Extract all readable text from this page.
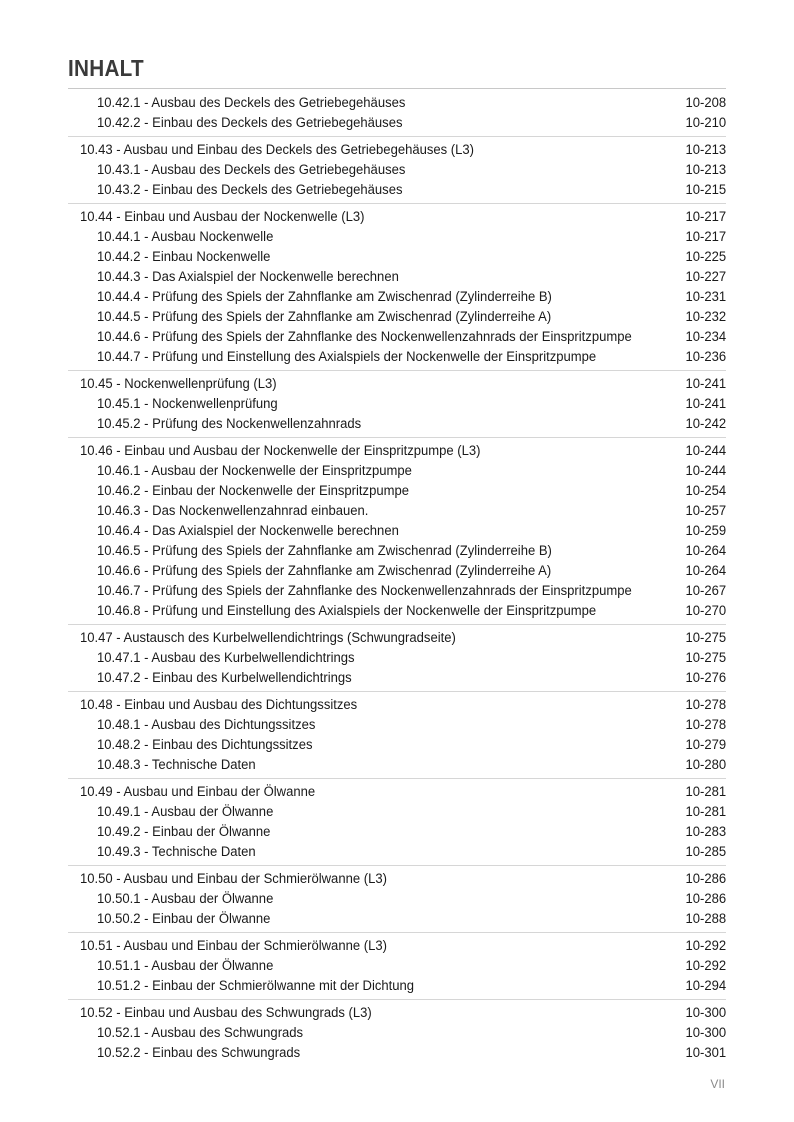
INHALT
10.42.1 - Ausbau des Deckels des Getriebegehäuses	10-208
10.42.2 - Einbau des Deckels des Getriebegehäuses	10-210
10.43 - Ausbau und Einbau des Deckels des Getriebegehäuses (L3)	10-213
10.43.1 - Ausbau des Deckels des Getriebegehäuses	10-213
10.43.2 - Einbau des Deckels des Getriebegehäuses	10-215
10.44 - Einbau und Ausbau der Nockenwelle (L3)	10-217
10.44.1 - Ausbau Nockenwelle	10-217
10.44.2 - Einbau Nockenwelle	10-225
10.44.3 - Das Axialspiel der Nockenwelle berechnen	10-227
10.44.4 - Prüfung des Spiels der Zahnflanke am Zwischenrad (Zylinderreihe B)	10-231
10.44.5 - Prüfung des Spiels der Zahnflanke am Zwischenrad (Zylinderreihe A)	10-232
10.44.6 - Prüfung des Spiels der Zahnflanke des Nockenwellenzahnrads der Einspritzpumpe	10-234
10.44.7 - Prüfung und Einstellung des Axialspiels der Nockenwelle der Einspritzpumpe	10-236
10.45 - Nockenwellenprüfung (L3)	10-241
10.45.1 - Nockenwellenprüfung	10-241
10.45.2 - Prüfung des Nockenwellenzahnrads	10-242
10.46 - Einbau und Ausbau der Nockenwelle der Einspritzpumpe (L3)	10-244
10.46.1 - Ausbau der Nockenwelle der Einspritzpumpe	10-244
10.46.2 - Einbau der Nockenwelle der Einspritzpumpe	10-254
10.46.3 - Das Nockenwellenzahnrad einbauen.	10-257
10.46.4 - Das Axialspiel der Nockenwelle berechnen	10-259
10.46.5 - Prüfung des Spiels der Zahnflanke am Zwischenrad (Zylinderreihe B)	10-264
10.46.6 - Prüfung des Spiels der Zahnflanke am Zwischenrad (Zylinderreihe A)	10-264
10.46.7 - Prüfung des Spiels der Zahnflanke des Nockenwellenzahnrads der Einspritzpumpe	10-267
10.46.8 - Prüfung und Einstellung des Axialspiels der Nockenwelle der Einspritzpumpe	10-270
10.47 - Austausch des Kurbelwellendichtrings (Schwungradseite)	10-275
10.47.1 - Ausbau des Kurbelwellendichtrings	10-275
10.47.2 - Einbau des Kurbelwellendichtrings	10-276
10.48 - Einbau und Ausbau des Dichtungssitzes	10-278
10.48.1 - Ausbau des Dichtungssitzes	10-278
10.48.2 - Einbau des Dichtungssitzes	10-279
10.48.3 - Technische Daten	10-280
10.49 - Ausbau und Einbau der Ölwanne	10-281
10.49.1 - Ausbau der Ölwanne	10-281
10.49.2 - Einbau der Ölwanne	10-283
10.49.3 - Technische Daten	10-285
10.50 - Ausbau und Einbau der Schmierölwanne (L3)	10-286
10.50.1 - Ausbau der Ölwanne	10-286
10.50.2 - Einbau der Ölwanne	10-288
10.51 - Ausbau und Einbau der Schmierölwanne (L3)	10-292
10.51.1 - Ausbau der Ölwanne	10-292
10.51.2 - Einbau der Schmierölwanne mit der Dichtung	10-294
10.52 - Einbau und Ausbau des Schwungrads (L3)	10-300
10.52.1 - Ausbau des Schwungrads	10-300
10.52.2 - Einbau des Schwungrads	10-301
VII
